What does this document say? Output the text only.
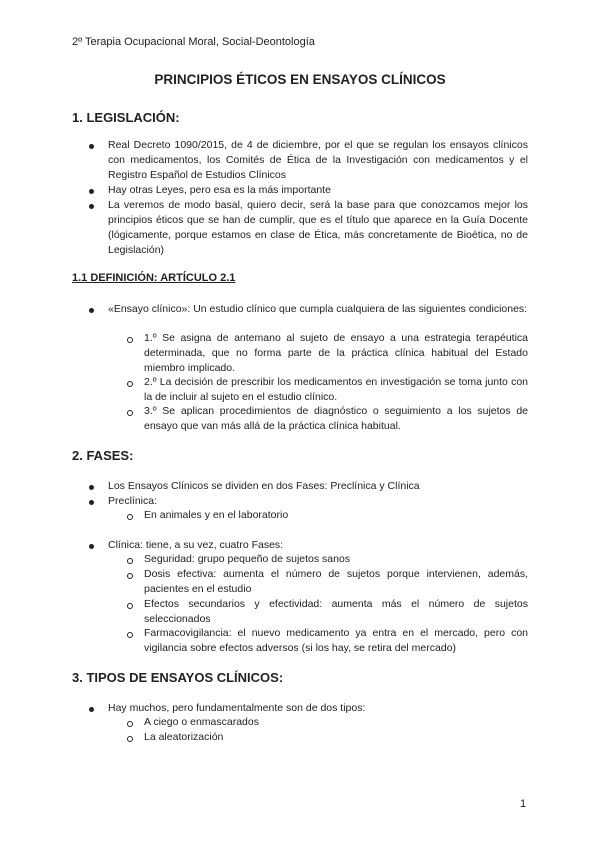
2º Terapia Ocupacional Moral, Social-Deontología
PRINCIPIOS ÉTICOS EN ENSAYOS CLÍNICOS
1. LEGISLACIÓN:
Real Decreto 1090/2015, de 4 de diciembre, por el que se regulan los ensayos clínicos con medicamentos, los Comités de Ética de la Investigación con medicamentos y el Registro Español de Estudios Clínicos
Hay otras Leyes, pero esa es la más importante
La veremos de modo basal, quiero decir, será la base para que conozcamos mejor los principios éticos que se han de cumplir, que es el título que aparece en la Guía Docente (lógicamente, porque estamos en clase de Ética, más concretamente de Bioética, no de Legislación)
1.1 DEFINICIÓN: ARTÍCULO 2.1
«Ensayo clínico»: Un estudio clínico que cumpla cualquiera de las siguientes condiciones:
1.º Se asigna de antemano al sujeto de ensayo a una estrategia terapéutica determinada, que no forma parte de la práctica clínica habitual del Estado miembro implicado.
2.º La decisión de prescribir los medicamentos en investigación se toma junto con la de incluir al sujeto en el estudio clínico.
3.º Se aplican procedimientos de diagnóstico o seguimiento a los sujetos de ensayo que van más allá de la práctica clínica habitual.
2. FASES:
Los Ensayos Clínicos se dividen en dos Fases: Preclínica y Clínica
Preclínica:
En animales y en el laboratorio
Clínica: tiene, a su vez, cuatro Fases:
Seguridad: grupo pequeño de sujetos sanos
Dosis efectiva: aumenta el número de sujetos porque intervienen, además, pacientes en el estudio
Efectos secundarios y efectividad: aumenta más el número de sujetos seleccionados
Farmacovigilancia: el nuevo medicamento ya entra en el mercado, pero con vigilancia sobre efectos adversos (si los hay, se retira del mercado)
3. TIPOS DE ENSAYOS CLÍNICOS:
Hay muchos, pero fundamentalmente son de dos tipos:
A ciego o enmascarados
La aleatorización
1
